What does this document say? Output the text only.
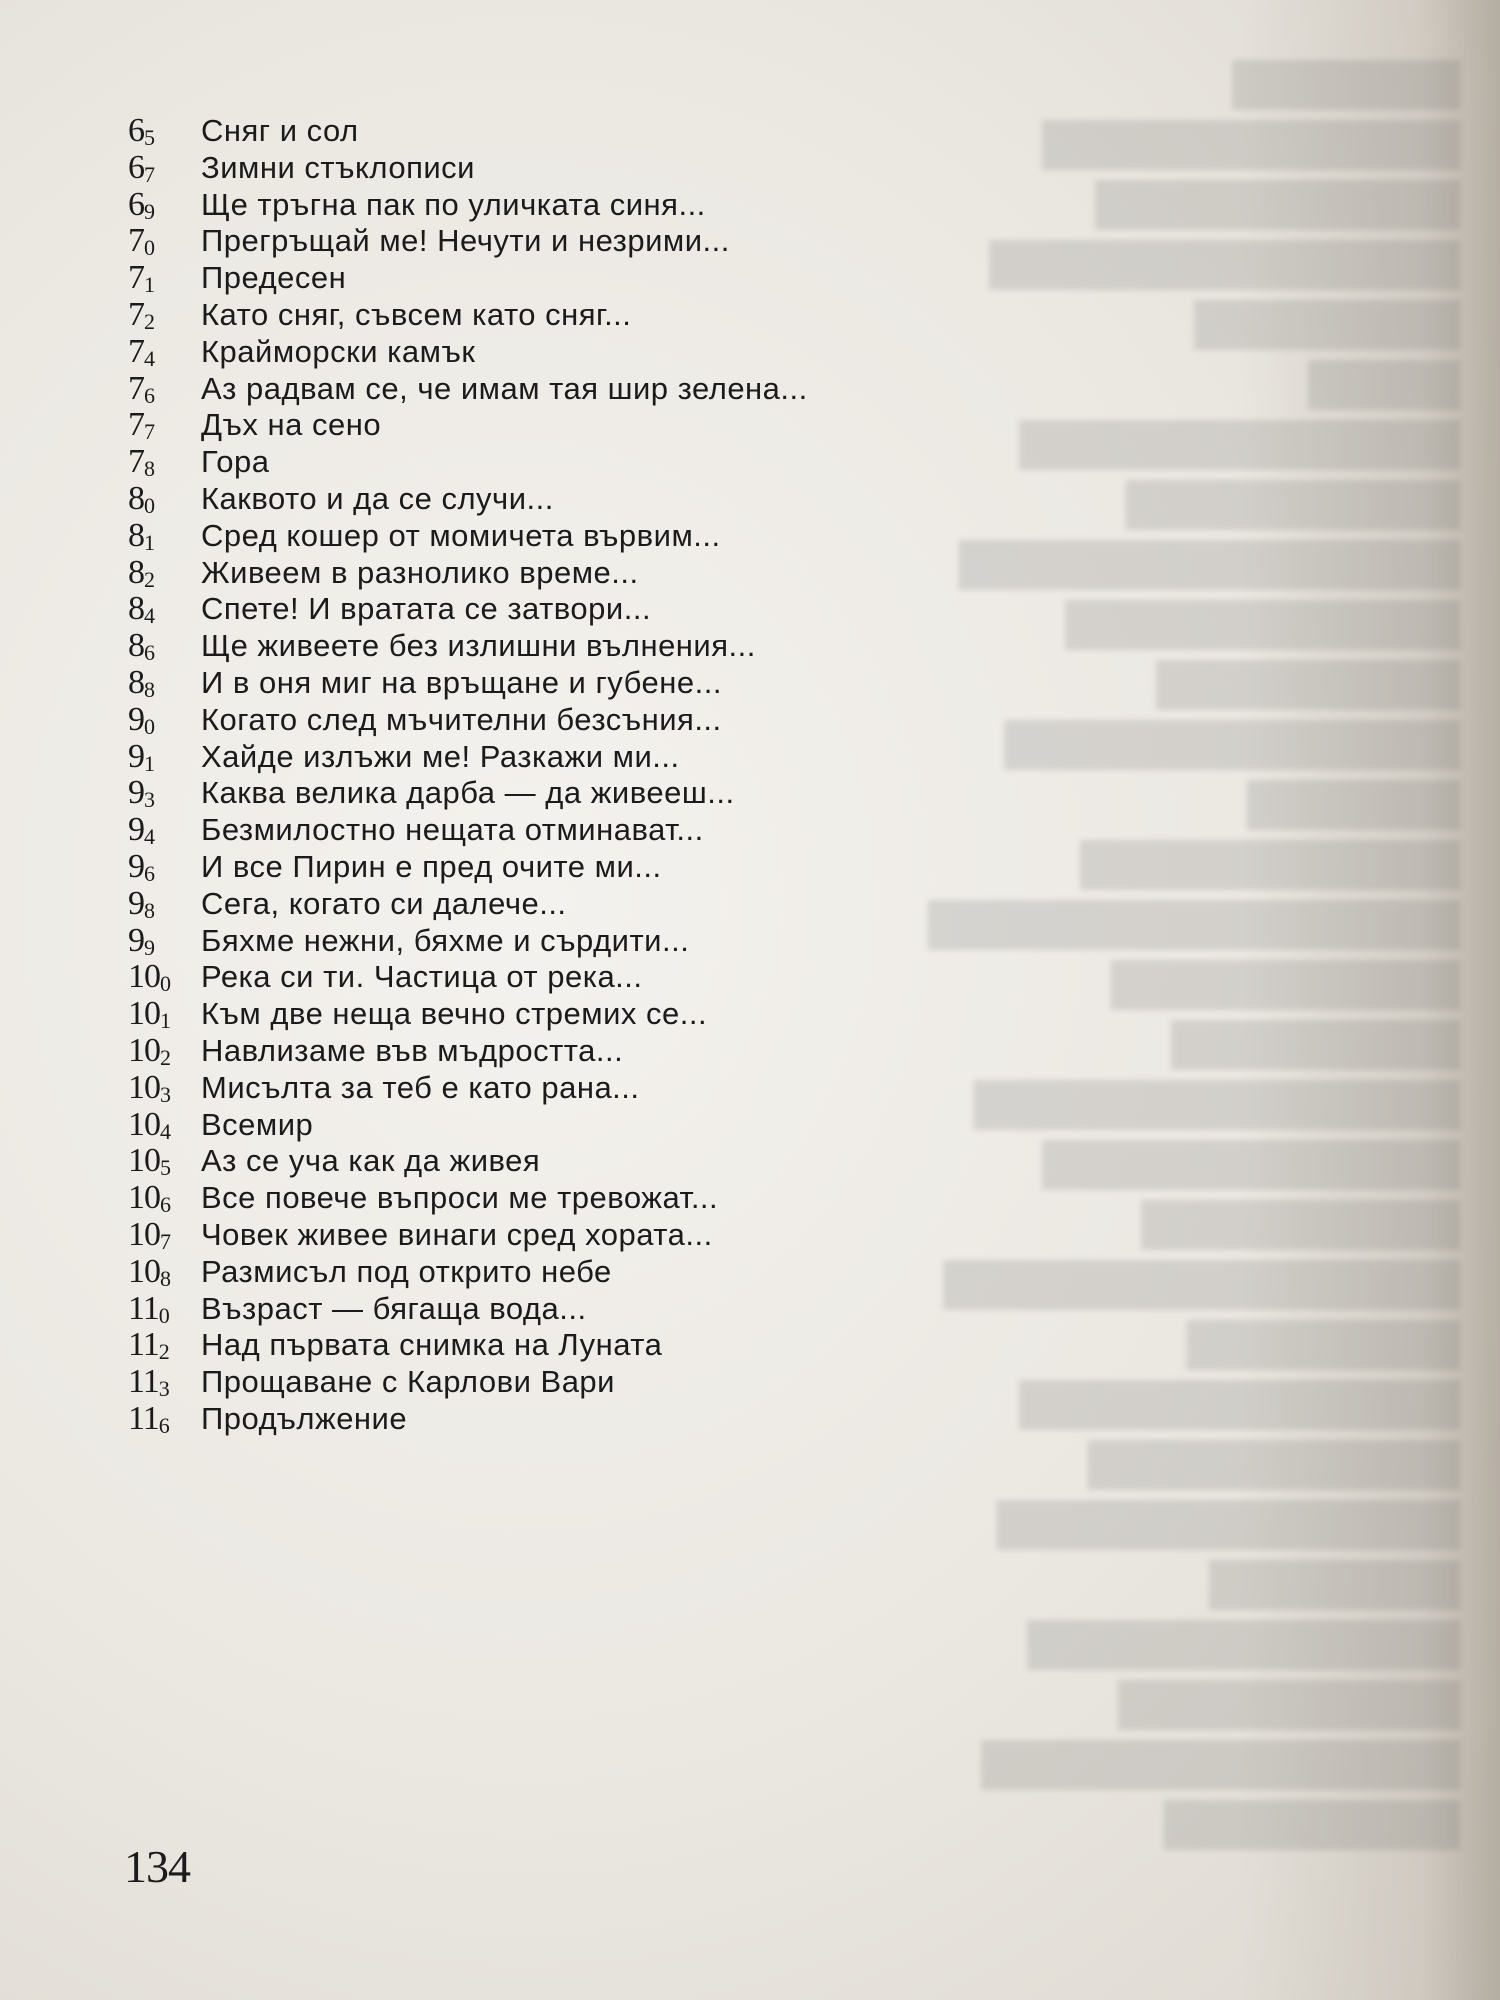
65	Сняг и сол
67	Зимни стъклописи
69	Ще тръгна пак по уличката синя...
70	Прегръщай ме! Нечути и незрими...
71	Предесен
72	Като сняг, съвсем като сняг...
74	Крайморски камък
76	Аз радвам се, че имам тая шир зелена...
77	Дъх на сено
78	Гора
80	Каквото и да се случи...
81	Сред кошер от момичета вървим...
82	Живеем в разнолико време...
84	Спете! И вратата се затвори...
86	Ще живеете без излишни вълнения...
88	И в оня миг на връщане и губене...
90	Когато след мъчителни безсъния...
91	Хайде излъжи ме! Разкажи ми...
93	Каква велика дарба — да живееш...
94	Безмилостно нещата отминават...
96	И все Пирин е пред очите ми...
98	Сега, когато си далече...
99	Бяхме нежни, бяхме и сърдити...
100	Река си ти. Частица от река...
101	Към две неща вечно стремих се...
102	Навлизаме във мъдростта...
103	Мисълта за теб е като рана...
104	Всемир
105	Аз се уча как да живея
106	Все повече въпроси ме тревожат...
107	Човек живее винаги сред хората...
108	Размисъл под открито небе
110	Възраст — бягаща вода...
112	Над първата снимка на Луната
113	Прощаване с Карлови Вари
116	Продължение
134
